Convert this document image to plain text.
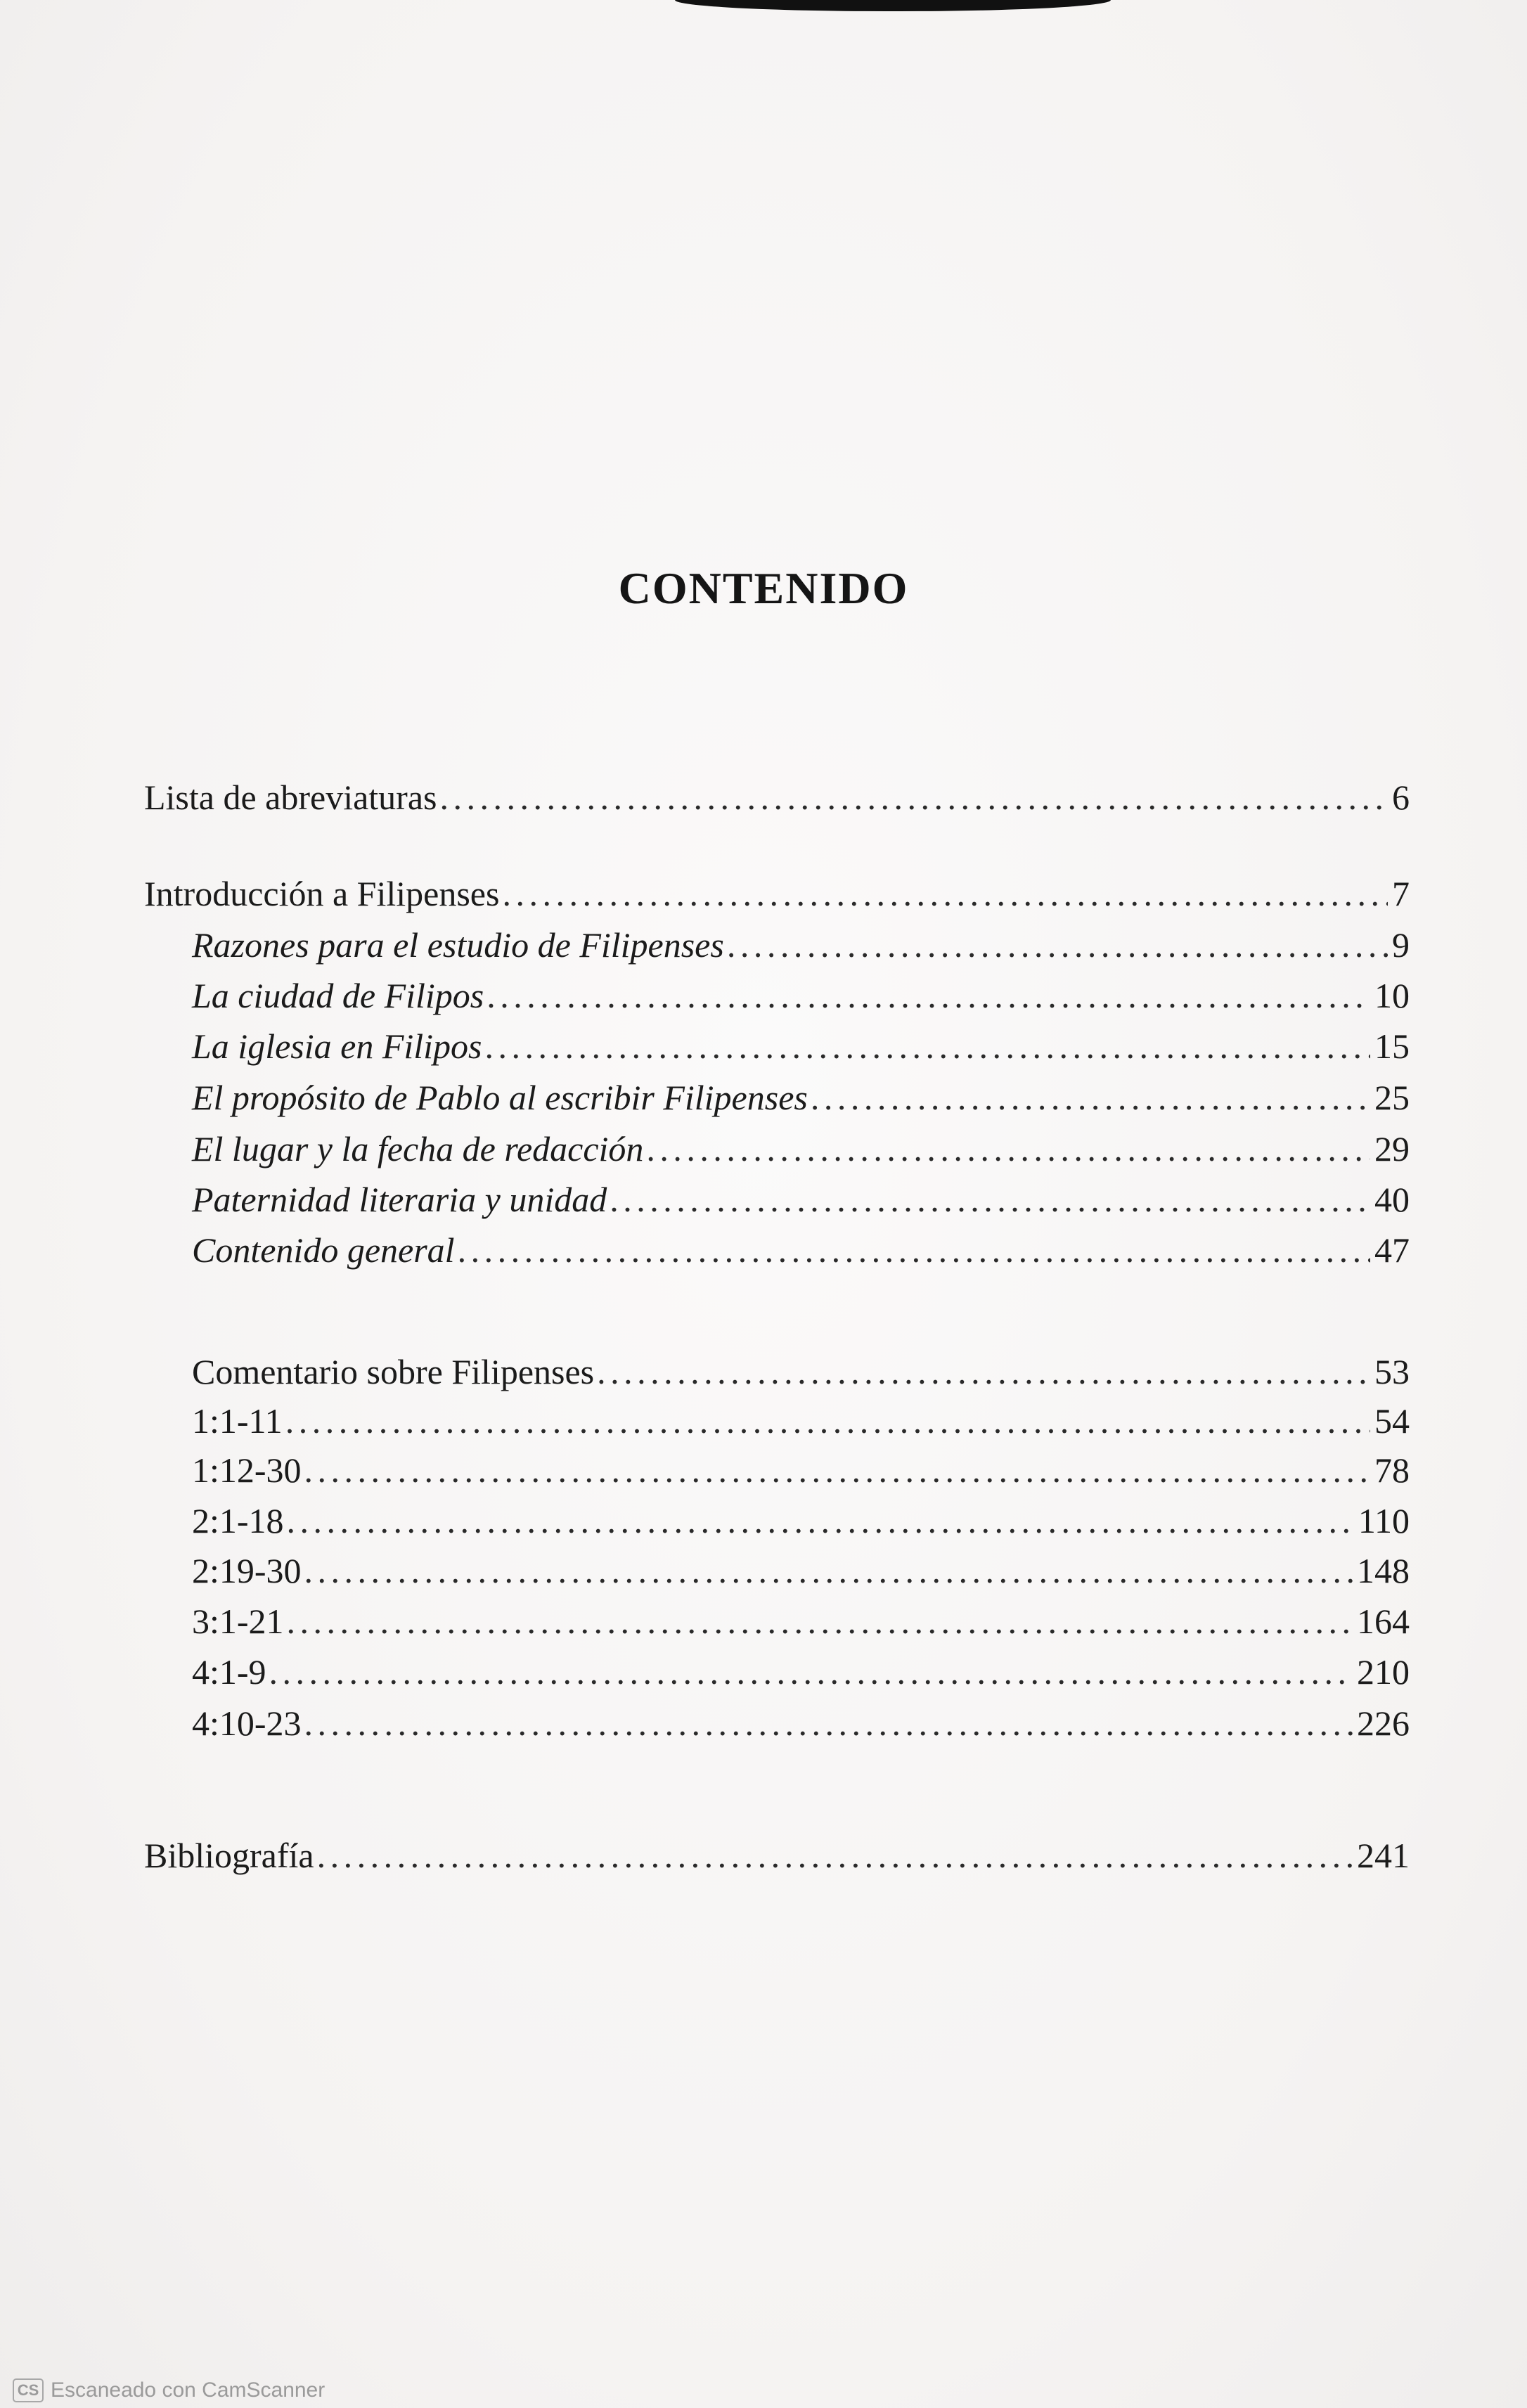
CONTENIDO
Lista de abreviaturas .....	6
Introducción a Filipenses .....	7
Razones para el estudio de Filipenses .....	9
La ciudad de Filipos .....	10
La iglesia en Filipos .....	15
El propósito de Pablo al escribir Filipenses .....	25
El lugar y la fecha de redacción .....	29
Paternidad literaria y unidad .....	40
Contenido general .....	47
Comentario sobre Filipenses .....	53
1:1-11 .....	54
1:12-30 .....	78
2:1-18 .....	110
2:19-30 .....	148
3:1-21 .....	164
4:1-9 .....	210
4:10-23 .....	226
Bibliografía .....	241
CS Escaneado con CamScanner
